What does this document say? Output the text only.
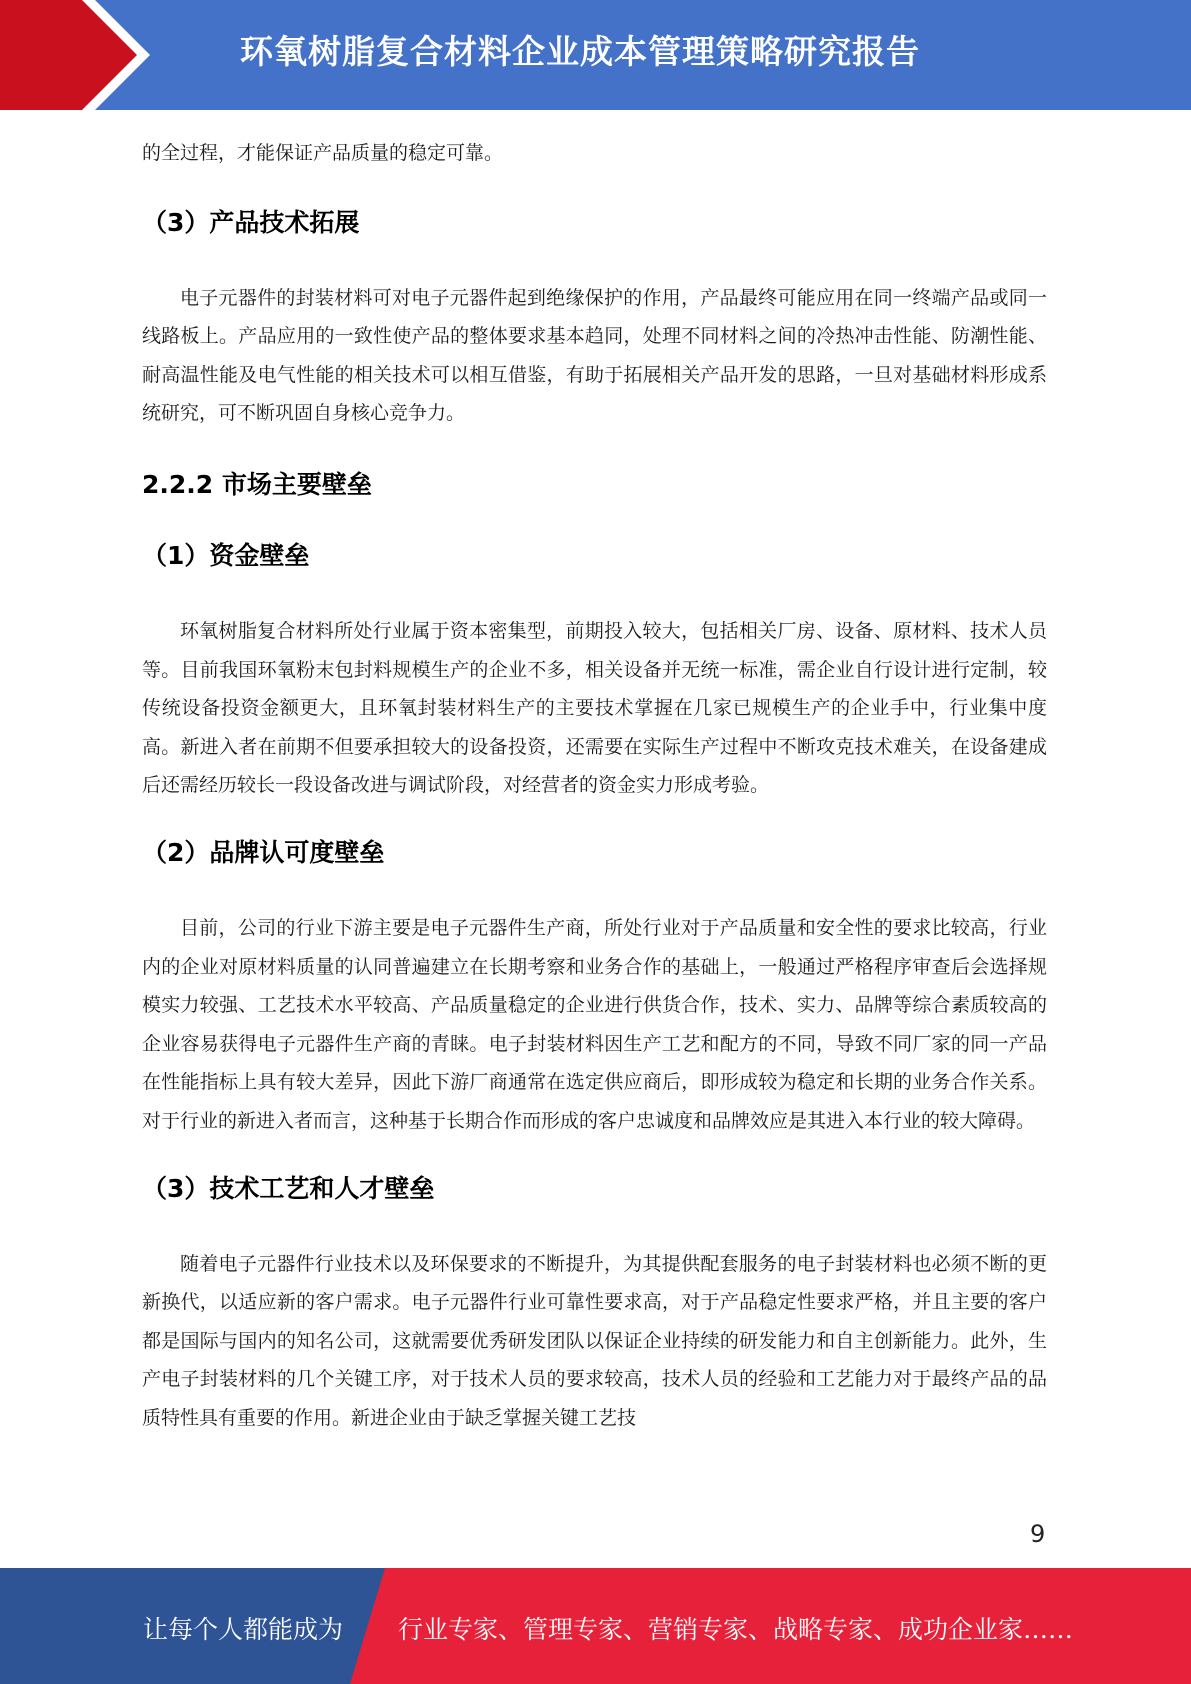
环氧树脂复合材料企业成本管理策略研究报告

的全过程，才能保证产品质量的稳定可靠。

（3）产品技术拓展

电子元器件的封装材料可对电子元器件起到绝缘保护的作用，产品最终可能应用在同一终端产品或同一线路板上。产品应用的一致性使产品的整体要求基本趋同，处理不同材料之间的冷热冲击性能、防潮性能、耐高温性能及电气性能的相关技术可以相互借鉴，有助于拓展相关产品开发的思路，一旦对基础材料形成系统研究，可不断巩固自身核心竞争力。

2.2.2 市场主要壁垒
（1）资金壁垒

环氧树脂复合材料所处行业属于资本密集型，前期投入较大，包括相关厂房、设备、原材料、技术人员等。目前我国环氧粉末包封料规模生产的企业不多，相关设备并无统一标准，需企业自行设计进行定制，较传统设备投资金额更大，且环氧封装材料生产的主要技术掌握在几家已规模生产的企业手中，行业集中度高。新进入者在前期不但要承担较大的设备投资，还需要在实际生产过程中不断攻克技术难关，在设备建成后还需经历较长一段设备改进与调试阶段，对经营者的资金实力形成考验。

（2）品牌认可度壁垒

目前，公司的行业下游主要是电子元器件生产商，所处行业对于产品质量和安全性的要求比较高，行业内的企业对原材料质量的认同普遍建立在长期考察和业务合作的基础上，一般通过严格程序审查后会选择规模实力较强、工艺技术水平较高、产品质量稳定的企业进行供货合作，技术、实力、品牌等综合素质较高的企业容易获得电子元器件生产商的青睐。电子封装材料因生产工艺和配方的不同，导致不同厂家的同一产品在性能指标上具有较大差异，因此下游厂商通常在选定供应商后，即形成较为稳定和长期的业务合作关系。对于行业的新进入者而言，这种基于长期合作而形成的客户忠诚度和品牌效应是其进入本行业的较大障碍。

（3）技术工艺和人才壁垒

随着电子元器件行业技术以及环保要求的不断提升，为其提供配套服务的电子封装材料也必须不断的更新换代，以适应新的客户需求。电子元器件行业可靠性要求高，对于产品稳定性要求严格，并且主要的客户都是国际与国内的知名公司，这就需要优秀研发团队以保证企业持续的研发能力和自主创新能力。此外，生产电子封装材料的几个关键工序，对于技术人员的要求较高，技术人员的经验和工艺能力对于最终产品的品质特性具有重要的作用。新进企业由于缺乏掌握关键工艺技

9
让每个人都能成为 行业专家、管理专家、营销专家、战略专家、成功企业家……
